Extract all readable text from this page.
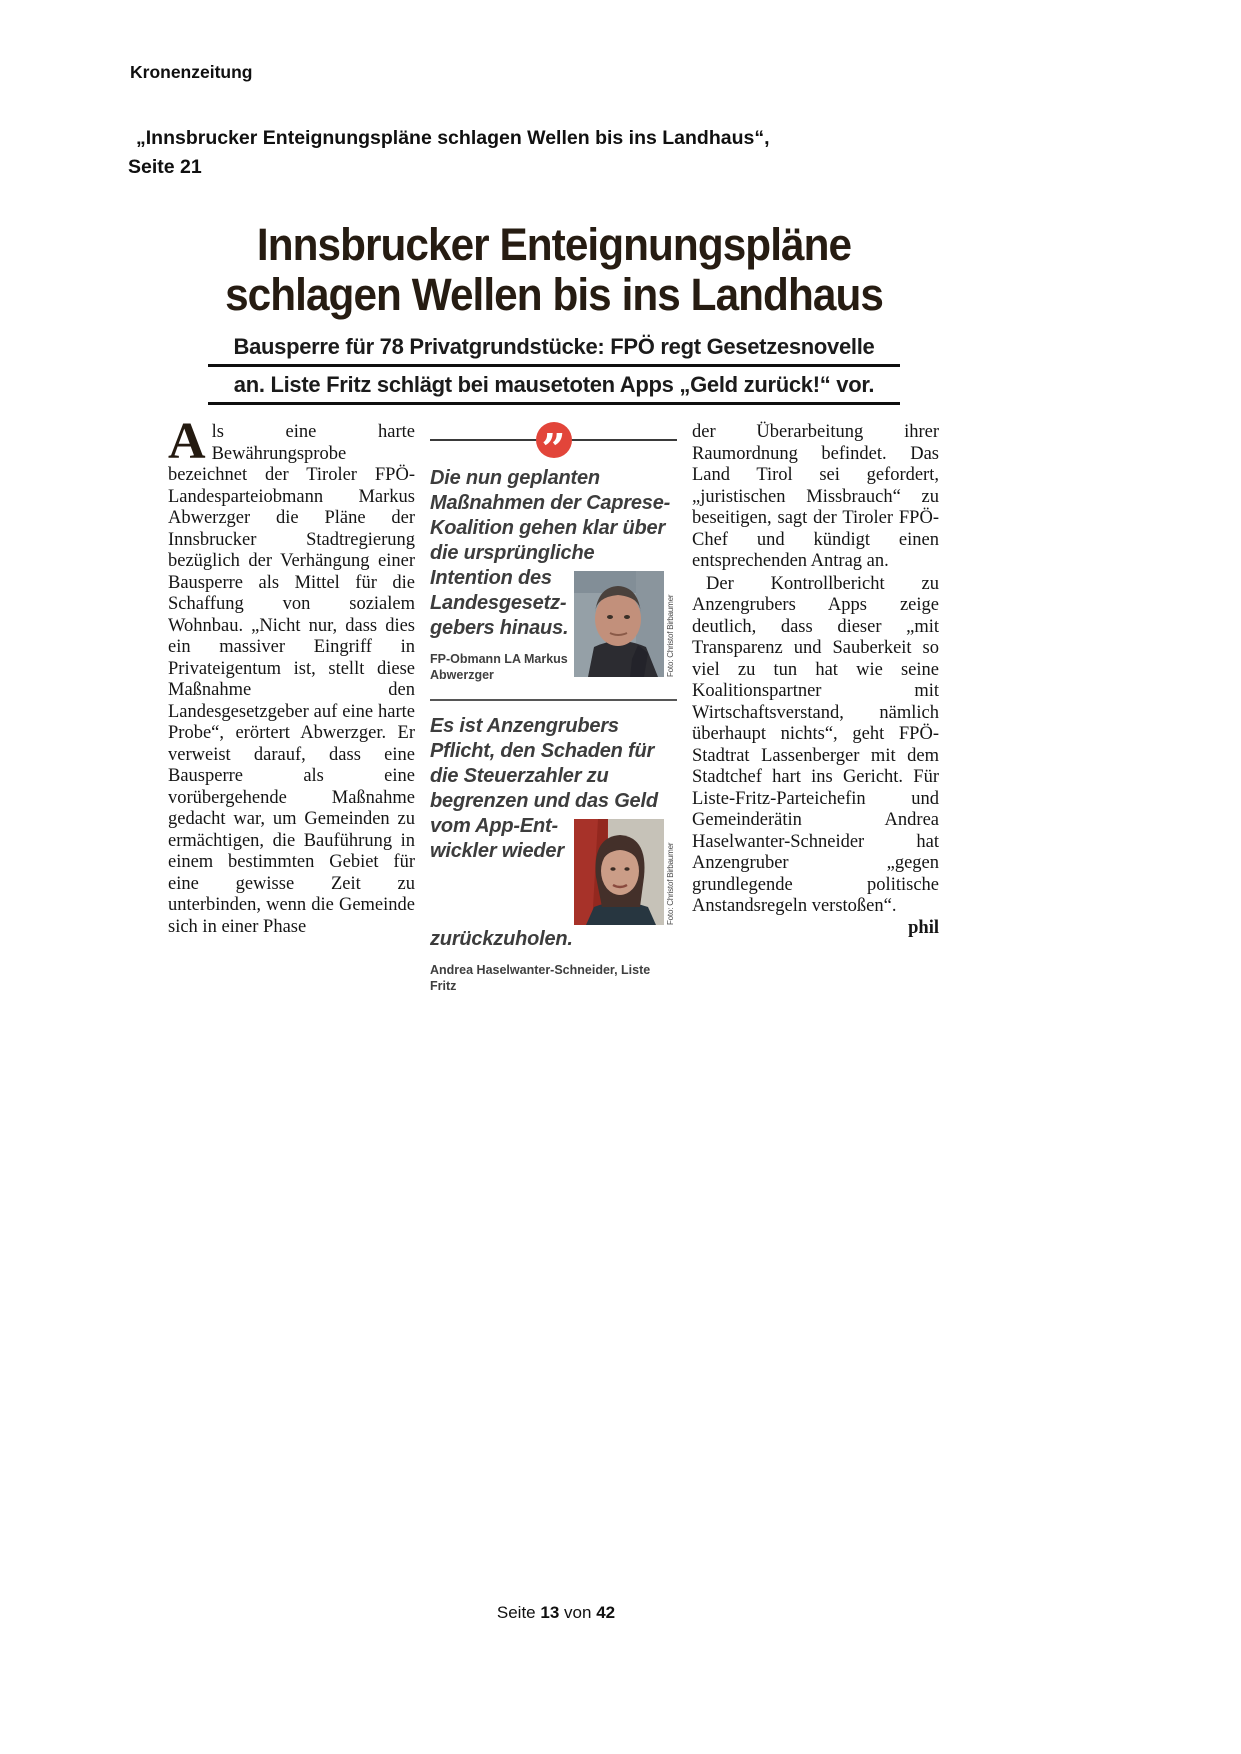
Kronenzeitung
„Innsbrucker Enteignungspläne schlagen Wellen bis ins Landhaus“,
Seite 21
Innsbrucker Enteignungspläne
schlagen Wellen bis ins Landhaus
Bausperre für 78 Privatgrundstücke: FPÖ regt Gesetzesnovelle
an. Liste Fritz schlägt bei mausetoten Apps „Geld zurück!“ vor.

Als eine harte Bewährungsprobe bezeichnet der Tiroler FPÖ-Landesparteiobmann Markus Abwerzger die Pläne der Innsbrucker Stadtregierung bezüglich der Verhängung einer Bausperre als Mittel für die Schaffung von sozialem Wohnbau. „Nicht nur, dass dies ein massiver Eingriff in Privateigentum ist, stellt diese Maßnahme den Landesgesetzgeber auf eine harte Probe“, erörtert Abwerzger. Er verweist darauf, dass eine Bausperre als eine vorübergehende Maßnahme gedacht war, um Gemeinden zu ermächtigen, die Bauführung in einem bestimmten Gebiet für eine gewisse Zeit zu unterbinden, wenn die Gemeinde sich in einer Phase

”

Die nun geplanten Maßnahmen der Caprese-Koalition gehen klar über die ursprüngliche
Foto: Christof Birbaumer
Intention des Landesgesetz-gebers hinaus.

FP-Obmann LA Markus Abwerzger

Es ist Anzengrubers Pflicht, den Schaden für die Steuerzahler zu begrenzen und das Geld
Foto: Christof Birbaumer
vom App-Ent-wickler wieder zurückzuholen.

Andrea Haselwanter-Schneider, Liste Fritz

der Überarbeitung ihrer Raumordnung befindet. Das Land Tirol sei gefordert, „juristischen Missbrauch“ zu beseitigen, sagt der Tiroler FPÖ-Chef und kündigt einen entsprechenden Antrag an.

Der Kontrollbericht zu Anzengrubers Apps zeige deutlich, dass dieser „mit Transparenz und Sauberkeit so viel zu tun hat wie seine Koalitionspartner mit Wirtschaftsverstand, nämlich überhaupt nichts“, geht FPÖ-Stadtrat Lassenberger mit dem Stadtchef hart ins Gericht. Für Liste-Fritz-Parteichefin und Gemeinderätin Andrea Haselwanter-Schneider hat Anzengruber „gegen grundlegende politische Anstandsregeln verstoßen“.
phil

Seite 13 von 42
